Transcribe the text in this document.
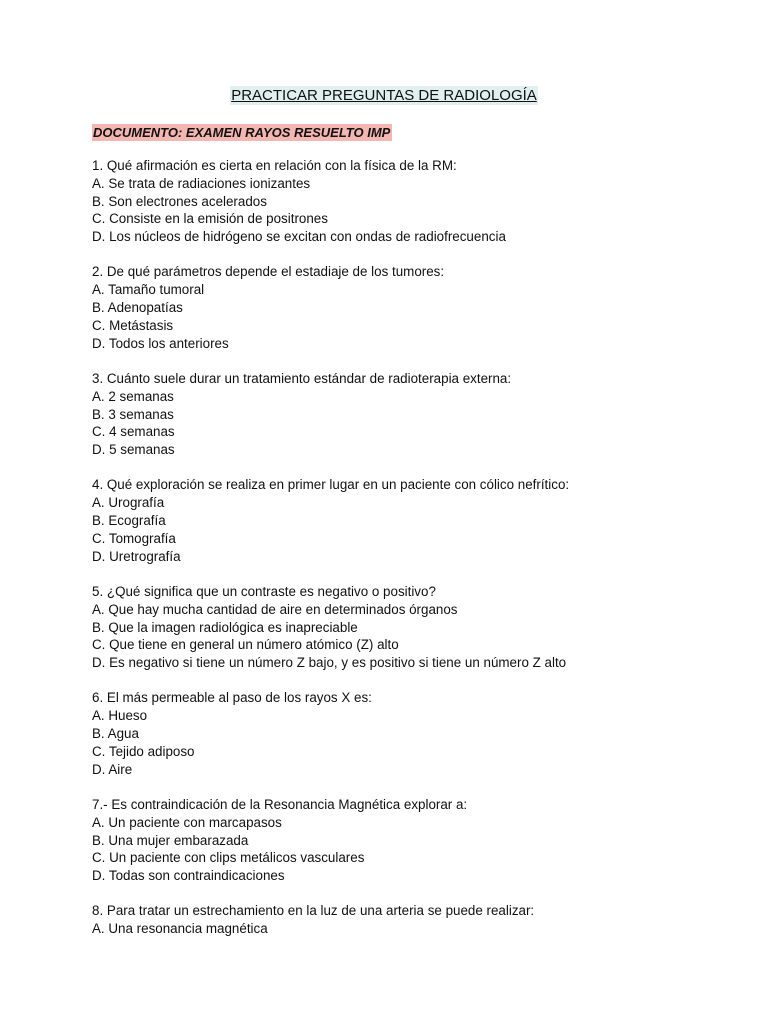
PRACTICAR PREGUNTAS DE RADIOLOGÍA
DOCUMENTO: EXAMEN RAYOS RESUELTO IMP
1. Qué afirmación es cierta en relación con la física de la RM:
A. Se trata de radiaciones ionizantes
B. Son electrones acelerados
C. Consiste en la emisión de positrones
D. Los núcleos de hidrógeno se excitan con ondas de radiofrecuencia
2. De qué parámetros depende el estadiaje de los tumores:
A. Tamaño tumoral
B. Adenopatías
C. Metástasis
D. Todos los anteriores
3. Cuánto suele durar un tratamiento estándar de radioterapia externa:
A. 2 semanas
B. 3 semanas
C. 4 semanas
D. 5 semanas
4. Qué exploración se realiza en primer lugar en un paciente con cólico nefrítico:
A. Urografía
B. Ecografía
C. Tomografía
D. Uretrografía
5. ¿Qué significa que un contraste es negativo o positivo?
A. Que hay mucha cantidad de aire en determinados órganos
B. Que la imagen radiológica es inapreciable
C. Que tiene en general un número atómico (Z) alto
D. Es negativo si tiene un número Z bajo, y es positivo si tiene un número Z alto
6. El más permeable al paso de los rayos X es:
A. Hueso
B. Agua
C. Tejido adiposo
D. Aire
7.- Es contraindicación de la Resonancia Magnética explorar a:
A. Un paciente con marcapasos
B. Una mujer embarazada
C. Un paciente con clips metálicos vasculares
D. Todas son contraindicaciones
8. Para tratar un estrechamiento en la luz de una arteria se puede realizar:
A. Una resonancia magnética
